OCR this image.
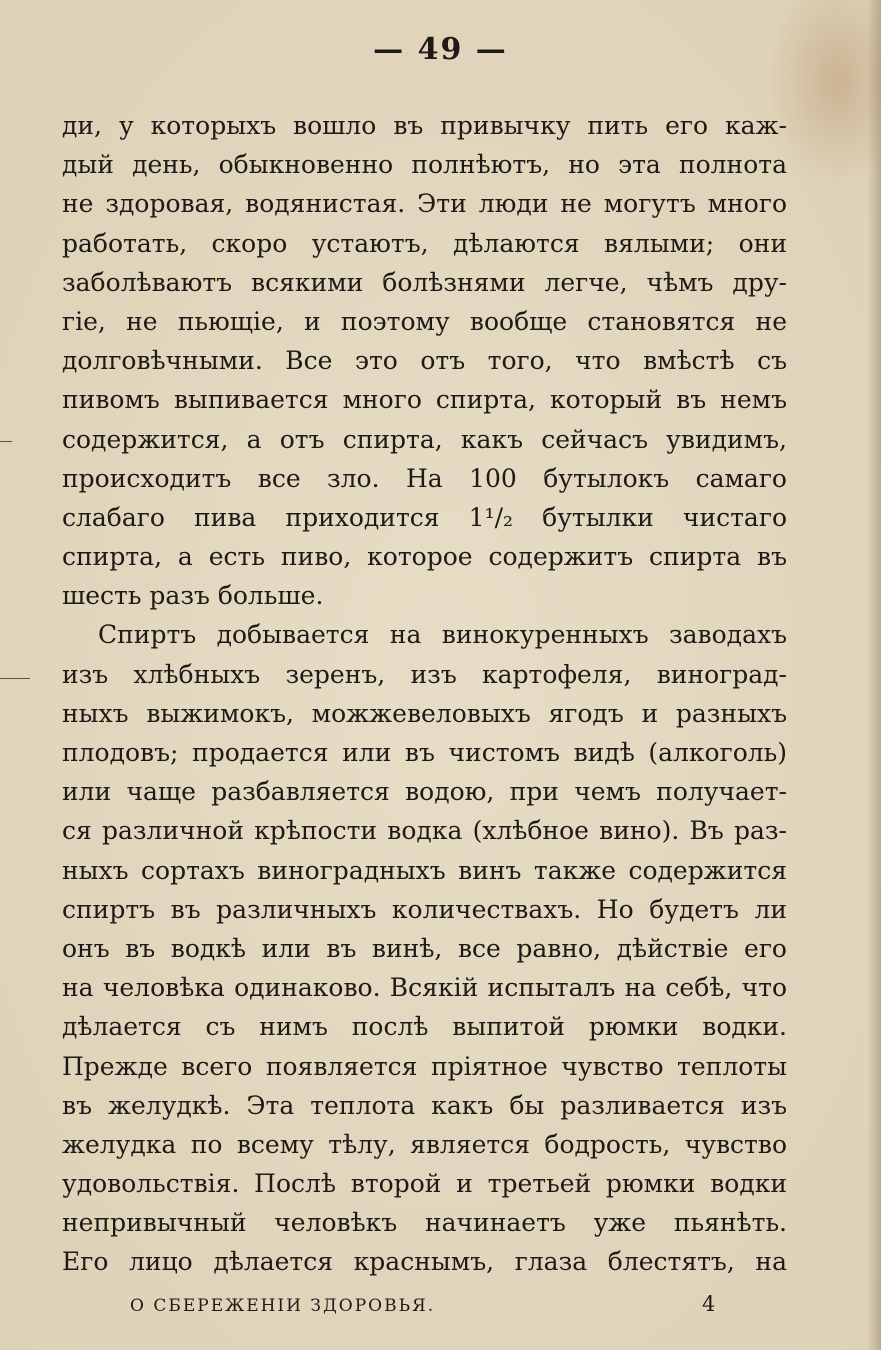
— 49 —
ди, у которыхъ вошло въ привычку пить его каж-
дый день, обыкновенно полнѣютъ, но эта полнота
не здоровая, водянистая. Эти люди не могутъ много
работать, скоро устаютъ, дѣлаются вялыми; они
заболѣваютъ всякими болѣзнями легче, чѣмъ дру-
гіе, не пьющіе, и поэтому вообще становятся не
долговѣчными. Все это отъ того, что вмѣстѣ съ
пивомъ выпивается много спирта, который въ немъ
содержится, а отъ спирта, какъ сейчасъ увидимъ,
происходитъ все зло. На 100 бутылокъ самаго
слабаго пива приходится 1¹/₂ бутылки чистаго
спирта, а есть пиво, которое содержитъ спирта въ
шесть разъ больше.
Спиртъ добывается на винокуренныхъ заводахъ
изъ хлѣбныхъ зеренъ, изъ картофеля, виноград-
ныхъ выжимокъ, можжевеловыхъ ягодъ и разныхъ
плодовъ; продается или въ чистомъ видѣ (алкоголь)
или чаще разбавляется водою, при чемъ получает-
ся различной крѣпости водка (хлѣбное вино). Въ раз-
ныхъ сортахъ виноградныхъ винъ также содержится
спиртъ въ различныхъ количествахъ. Но будетъ ли
онъ въ водкѣ или въ винѣ, все равно, дѣйствіе его
на человѣка одинаково. Всякій испыталъ на себѣ, что
дѣлается съ нимъ послѣ выпитой рюмки водки.
Прежде всего появляется пріятное чувство теплоты
въ желудкѣ. Эта теплота какъ бы разливается изъ
желудка по всему тѣлу, является бодрость, чувство
удовольствія. Послѣ второй и третьей рюмки водки
непривычный человѣкъ начинаетъ уже пьянѣть.
Его лицо дѣлается краснымъ, глаза блестятъ, на
О СБЕРЕЖЕНІИ ЗДОРОВЬЯ.	4
